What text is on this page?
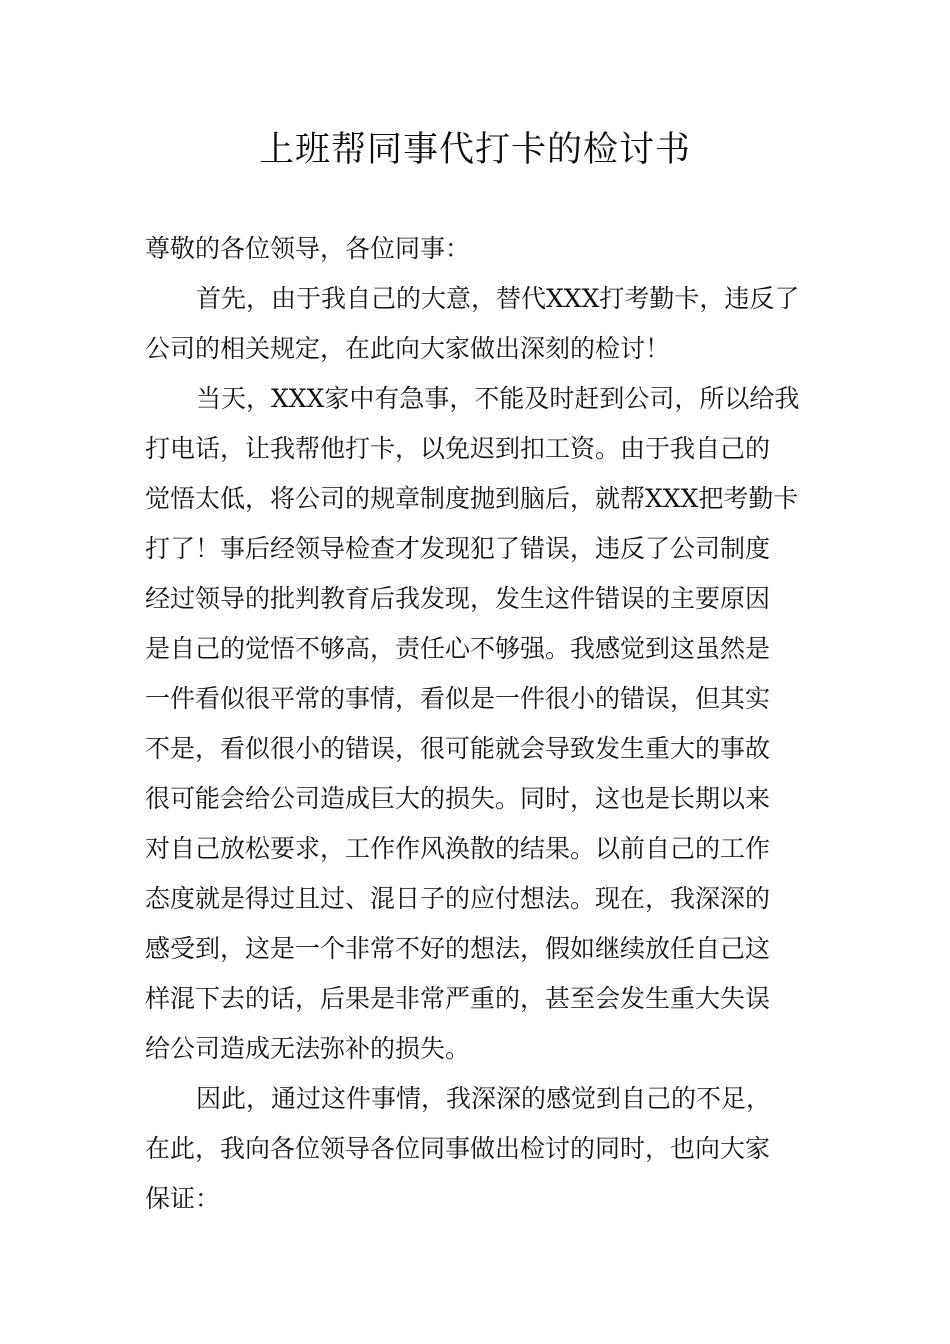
上班帮同事代打卡的检讨书
尊敬的各位领导，各位同事：
首先，由于我自己的大意，替代XXX打考勤卡，违反了
公司的相关规定，在此向大家做出深刻的检讨！
当天，XXX家中有急事，不能及时赶到公司，所以给我
打电话，让我帮他打卡，以免迟到扣工资。由于我自己的
觉悟太低，将公司的规章制度抛到脑后，就帮XXX把考勤卡
打了！事后经领导检查才发现犯了错误，违反了公司制度
经过领导的批判教育后我发现，发生这件错误的主要原因
是自己的觉悟不够高，责任心不够强。我感觉到这虽然是
一件看似很平常的事情，看似是一件很小的错误，但其实
不是，看似很小的错误，很可能就会导致发生重大的事故
很可能会给公司造成巨大的损失。同时，这也是长期以来
对自己放松要求，工作作风涣散的结果。以前自己的工作
态度就是得过且过、混日子的应付想法。现在，我深深的
感受到，这是一个非常不好的想法，假如继续放任自己这
样混下去的话，后果是非常严重的，甚至会发生重大失误
给公司造成无法弥补的损失。
因此，通过这件事情，我深深的感觉到自己的不足，
在此，我向各位领导各位同事做出检讨的同时，也向大家
保证：
